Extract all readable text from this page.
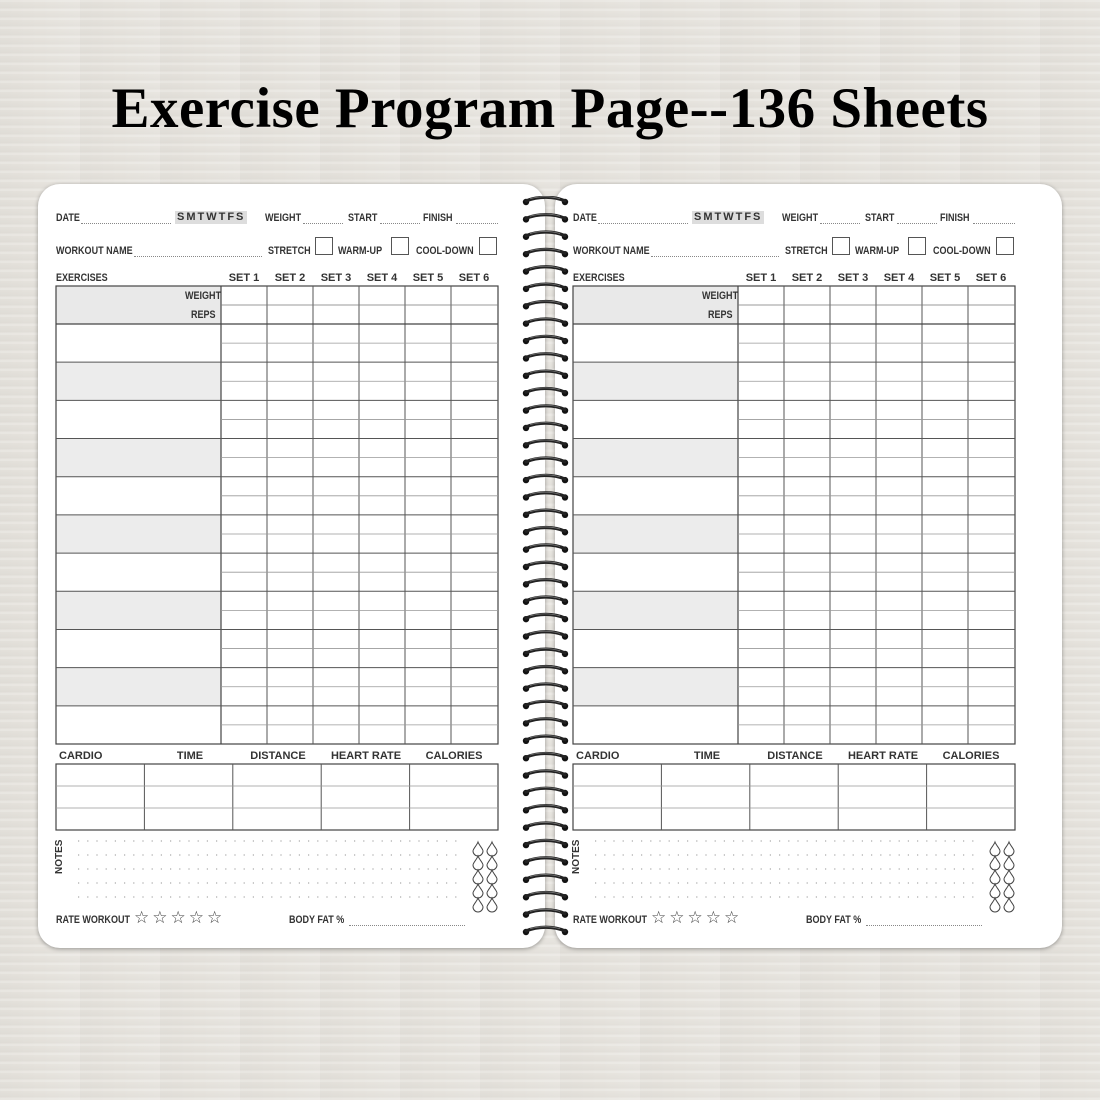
Exercise Program Page--136 Sheets
DATE	SMTWTFS WEIGHT	START	FINISH
WORKOUT NAME	STRETCH WARM-UP	COOL-DOWN
EXERCISES	SET 1	SET 2	SET 3	SET 4	SET 5	SET 6
WEIGHT
REPS
CARDIO	TIME	DISTANCE	HEART RATE	CALORIES
NOTES
RATE WORKOUT ☆☆☆☆☆	BODY FAT %
DATE	SMTWTFS WEIGHT	START	FINISH
WORKOUT NAME	STRETCH WARM-UP	COOL-DOWN
EXERCISES	SET 1	SET 2	SET 3	SET 4	SET 5	SET 6
WEIGHT
REPS
CARDIO	TIME	DISTANCE	HEART RATE	CALORIES
NOTES
RATE WORKOUT ☆☆☆☆☆	BODY FAT %
